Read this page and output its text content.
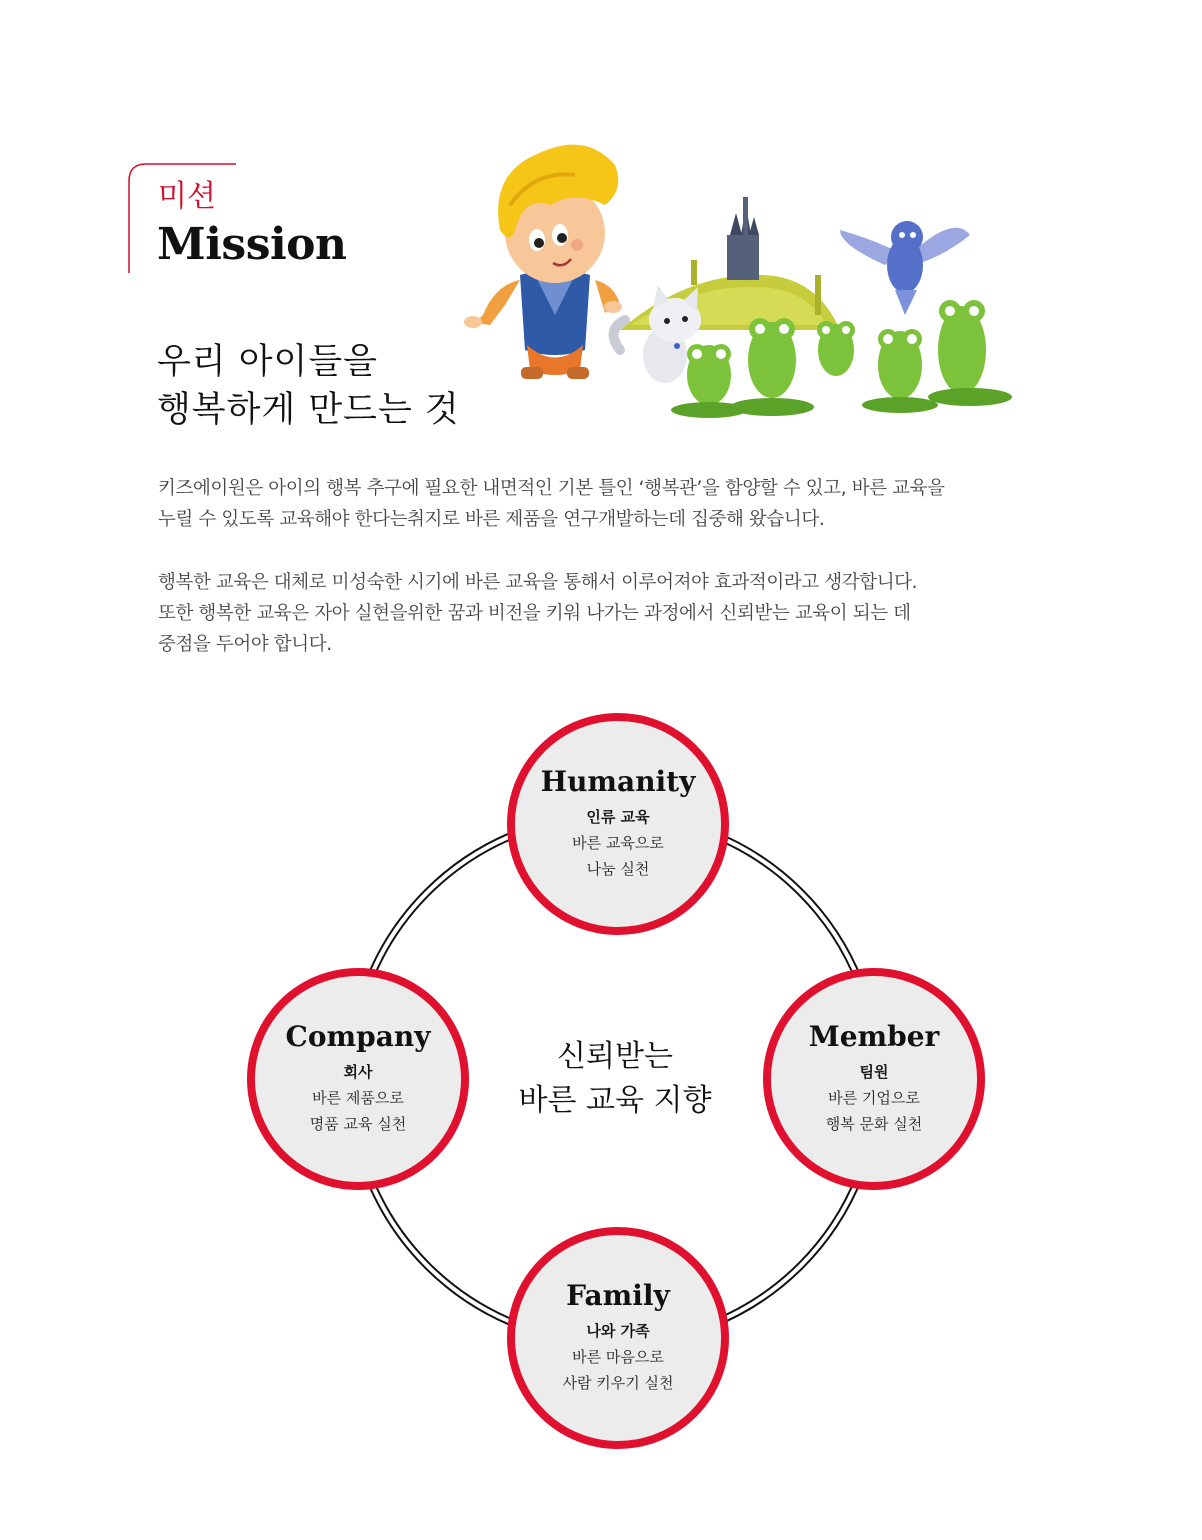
미션
Mission
우리 아이들을
행복하게 만드는 것
키즈에이원은 아이의 행복 추구에 필요한 내면적인 기본 틀인 ‘행복관’을 함양할 수 있고, 바른 교육을
누릴 수 있도록 교육해야 한다는취지로 바른 제품을 연구개발하는데 집중해 왔습니다.
행복한 교육은 대체로 미성숙한 시기에 바른 교육을 통해서 이루어져야 효과적이라고 생각합니다.
또한 행복한 교육은 자아 실현을위한 꿈과 비전을 키워 나가는 과정에서 신뢰받는 교육이 되는 데
중점을 두어야 합니다.
Humanity
인류 교육
바른 교육으로
나눔 실천
Company
회사
바른 제품으로
명품 교육 실천
Member
팀원
바른 기업으로
행복 문화 실천
Family
나와 가족
바른 마음으로
사람 키우기 실천
신뢰받는
바른 교육 지향
